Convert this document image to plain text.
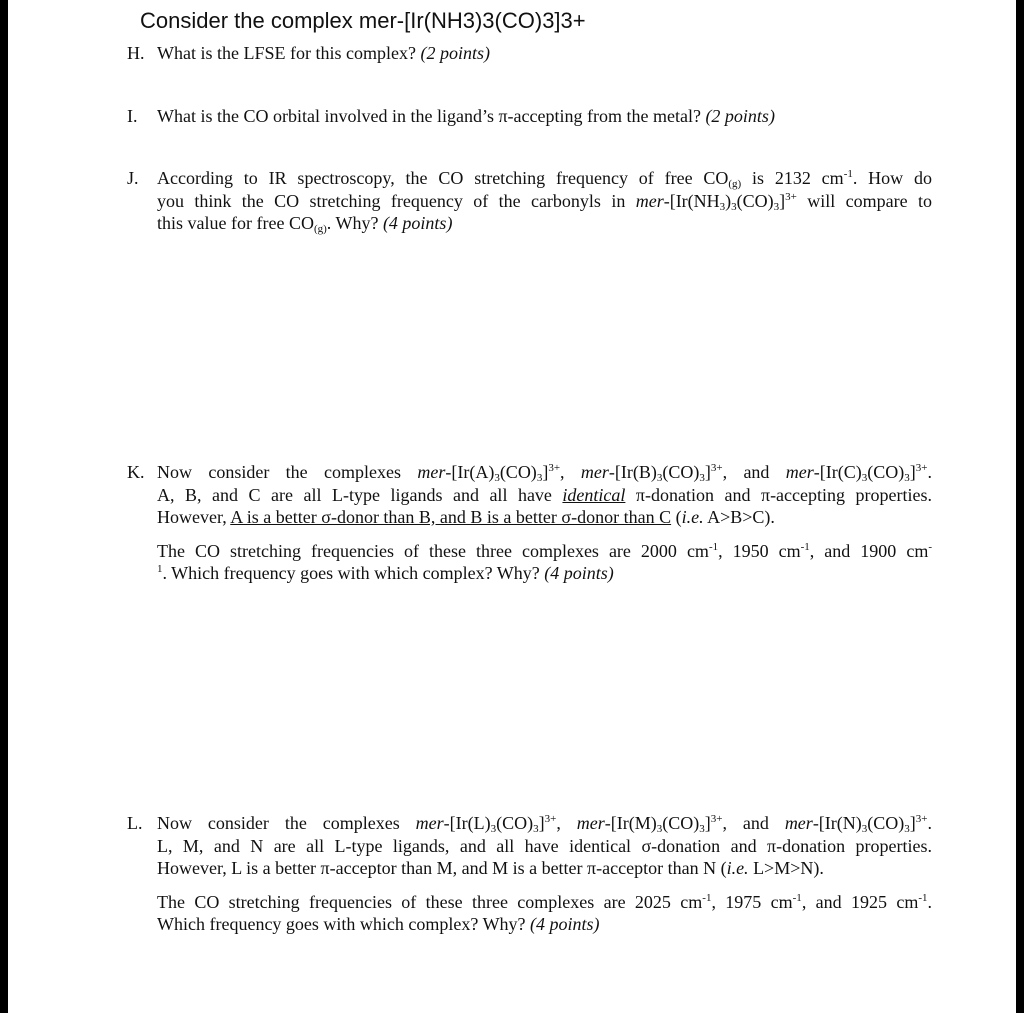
Consider the complex mer-[Ir(NH3)3(CO)3]3+
H. What is the LFSE for this complex? (2 points)
I. What is the CO orbital involved in the ligand’s π-accepting from the metal? (2 points)
J. According to IR spectroscopy, the CO stretching frequency of free $CO_{(g)}$ is 2132 $cm^{-1}$. How do
you think the CO stretching frequency of the carbonyls in mer-$[Ir(NH_3)_3(CO)_3]^{3+}$ will compare to
this value for free $CO_{(g)}$. Why? (4 points)
K. Now consider the complexes mer-$[Ir(A)_3(CO)_3]^{3+}$, mer-$[Ir(B)_3(CO)_3]^{3+}$, and mer-$[Ir(C)_3(CO)_3]^{3+}$.
A, B, and C are all L-type ligands and all have identical π-donation and π-accepting properties.
However, A is a better σ-donor than B, and B is a better σ-donor than C (i.e. A>B>C).
The CO stretching frequencies of these three complexes are 2000 $cm^{-1}$, 1950 $cm^{-1}$, and 1900 cm-
$^1$. Which frequency goes with which complex? Why? (4 points)
L. Now consider the complexes mer-$[Ir(L)_3(CO)_3]^{3+}$, mer-$[Ir(M)_3(CO)_3]^{3+}$, and mer-$[Ir(N)_3(CO)_3]^{3+}$.
L, M, and N are all L-type ligands, and all have identical σ-donation and π-donation properties.
However, L is a better π-acceptor than M, and M is a better π-acceptor than N (i.e. L>M>N).
The CO stretching frequencies of these three complexes are 2025 $cm^{-1}$, 1975 $cm^{-1}$, and 1925 $cm^{-1}$.
Which frequency goes with which complex? Why? (4 points)
